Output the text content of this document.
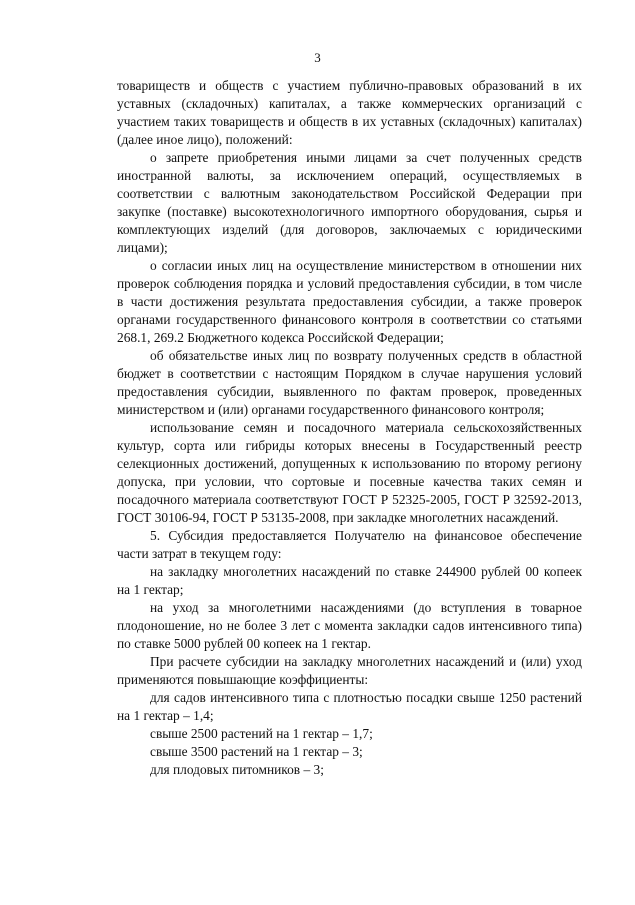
3

товариществ и обществ с участием публично-правовых образований в их уставных (складочных) капиталах, а также коммерческих организаций с участием таких товариществ и обществ в их уставных (складочных) капиталах) (далее иное лицо), положений:

о запрете приобретения иными лицами за счет полученных средств иностранной валюты, за исключением операций, осуществляемых в соответствии с валютным законодательством Российской Федерации при закупке (поставке) высокотехнологичного импортного оборудования, сырья и комплектующих изделий (для договоров, заключаемых с юридическими лицами);

о согласии иных лиц на осуществление министерством в отношении них проверок соблюдения порядка и условий предоставления субсидии, в том числе в части достижения результата предоставления субсидии, а также проверок органами государственного финансового контроля в соответствии со статьями 268.1, 269.2 Бюджетного кодекса Российской Федерации;

об обязательстве иных лиц по возврату полученных средств в областной бюджет в соответствии с настоящим Порядком в случае нарушения условий предоставления субсидии, выявленного по фактам проверок, проведенных министерством и (или) органами государственного финансового контроля;

использование семян и посадочного материала сельскохозяйственных культур, сорта или гибриды которых внесены в Государственный реестр селекционных достижений, допущенных к использованию по второму региону допуска, при условии, что сортовые и посевные качества таких семян и посадочного материала соответствуют ГОСТ Р 52325-2005, ГОСТ Р 32592-2013, ГОСТ 30106-94, ГОСТ Р 53135-2008, при закладке многолетних насаждений.

5. Субсидия предоставляется Получателю на финансовое обеспечение части затрат в текущем году:

на закладку многолетних насаждений по ставке 244900 рублей 00 копеек на 1 гектар;

на уход за многолетними насаждениями (до вступления в товарное плодоношение, но не более 3 лет с момента закладки садов интенсивного типа) по ставке 5000 рублей 00 копеек на 1 гектар.

При расчете субсидии на закладку многолетних насаждений и (или) уход применяются повышающие коэффициенты:

для садов интенсивного типа с плотностью посадки свыше 1250 растений на 1 гектар – 1,4;

свыше 2500 растений на 1 гектар – 1,7;

свыше 3500 растений на 1 гектар – 3;

для плодовых питомников – 3;
